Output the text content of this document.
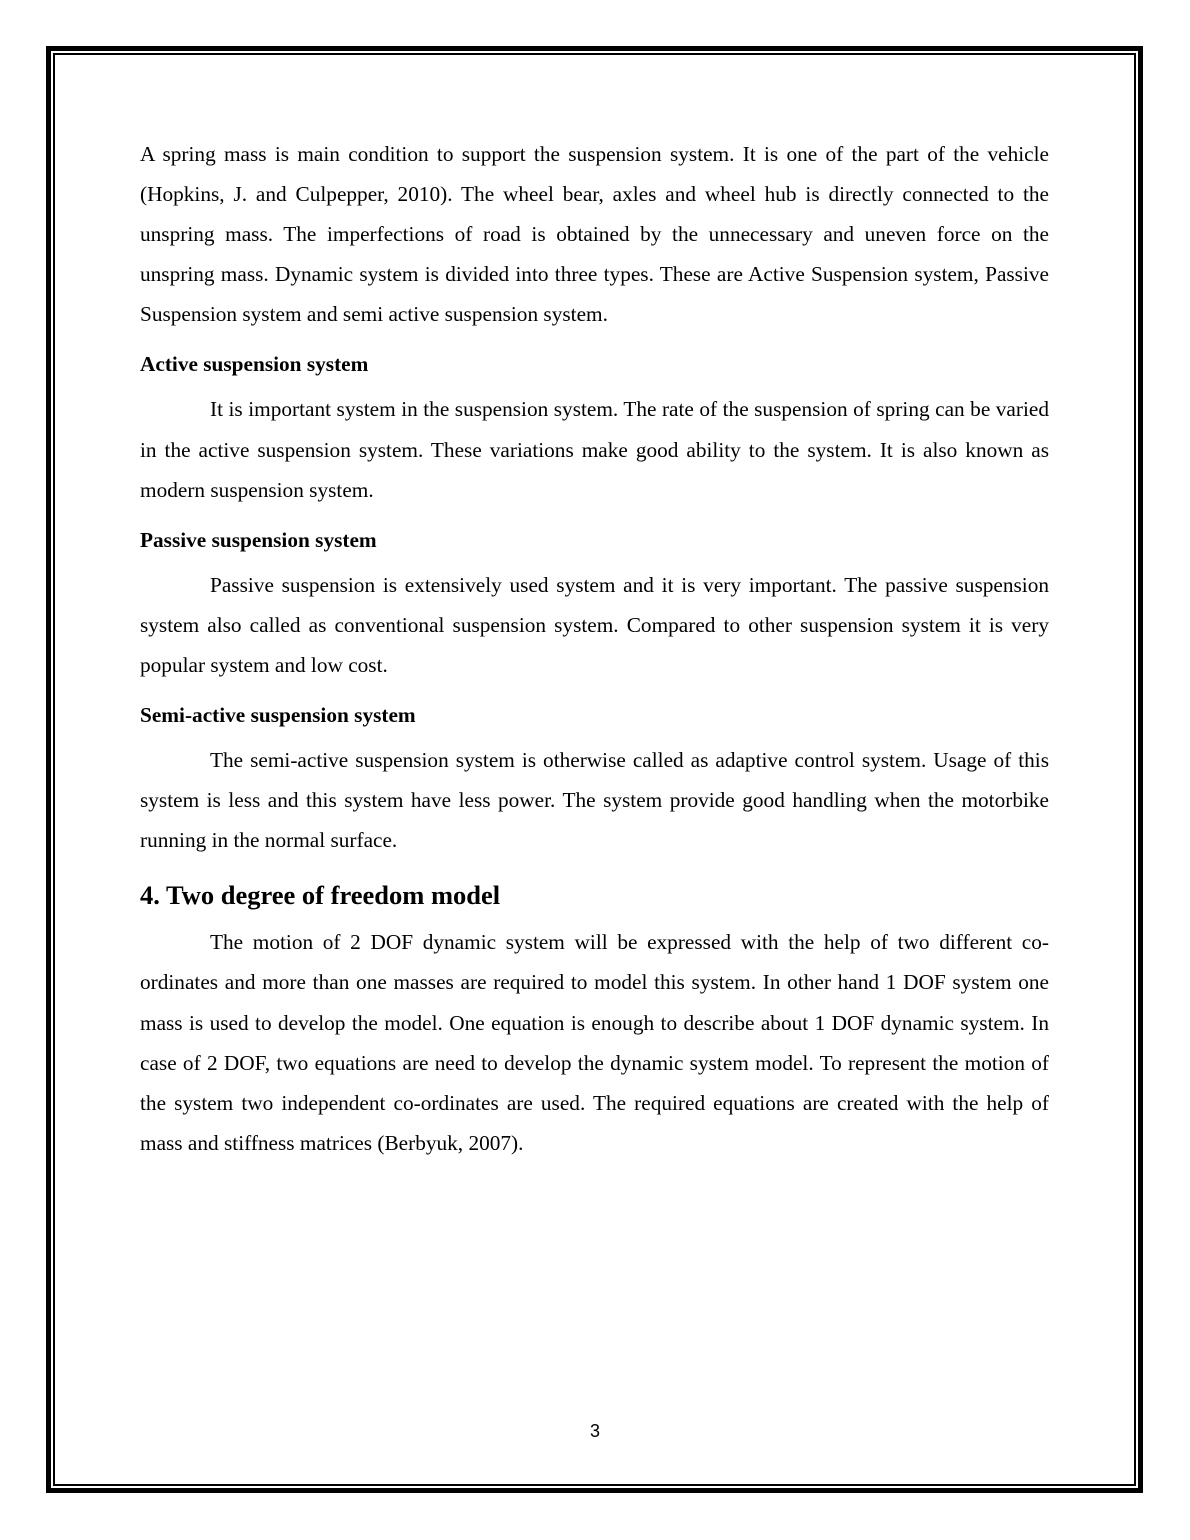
A spring mass is main condition to support the suspension system. It is one of the part of the vehicle (Hopkins, J. and Culpepper, 2010). The wheel bear, axles and wheel hub is directly connected to the unspring mass. The imperfections of road is obtained by the unnecessary and uneven force on the unspring mass. Dynamic system is divided into three types. These are Active Suspension system, Passive Suspension system and semi active suspension system.

Active suspension system

It is important system in the suspension system. The rate of the suspension of spring can be varied in the active suspension system. These variations make good ability to the system. It is also known as modern suspension system.

Passive suspension system

Passive suspension is extensively used system and it is very important. The passive suspension system also called as conventional suspension system. Compared to other suspension system it is very popular system and low cost.

Semi-active suspension system

The semi-active suspension system is otherwise called as adaptive control system. Usage of this system is less and this system have less power. The system provide good handling when the motorbike running in the normal surface.

4. Two degree of freedom model

The motion of 2 DOF dynamic system will be expressed with the help of two different co-ordinates and more than one masses are required to model this system. In other hand 1 DOF system one mass is used to develop the model. One equation is enough to describe about 1 DOF dynamic system. In case of 2 DOF, two equations are need to develop the dynamic system model. To represent the motion of the system two independent co-ordinates are used. The required equations are created with the help of mass and stiffness matrices (Berbyuk, 2007).

3
